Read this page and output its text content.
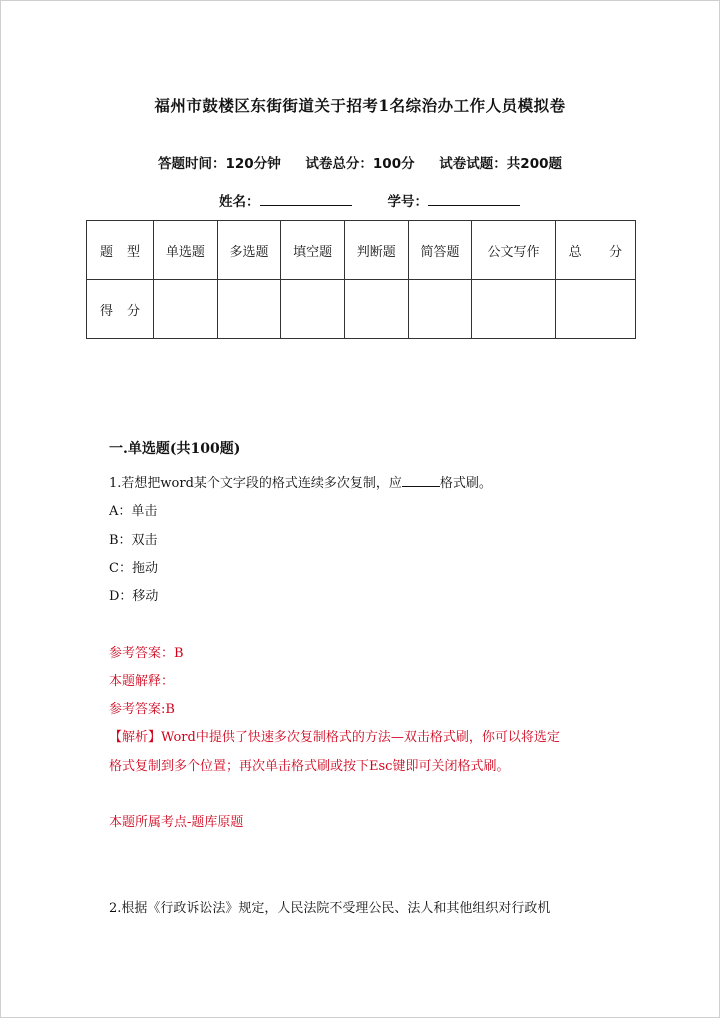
福州市鼓楼区东街街道关于招考1名综治办工作人员模拟卷
答题时间：120分钟 试卷总分：100分 试卷试题：共200题
姓名：	学号：
题 型	单选题	多选题	填空题	判断题	简答题	公文写作	总 分

得 分							

一.单选题(共100题)
1.若想把word某个文字段的格式连续多次复制，应	格式刷。
A：单击
B：双击
C：拖动
D：移动
参考答案：B
本题解释：
参考答案:B
【解析】Word中提供了快速多次复制格式的方法—双击格式刷，你可以将选定
格式复制到多个位置；再次单击格式刷或按下Esc键即可关闭格式刷。
本题所属考点-题库原题
2.根据《行政诉讼法》规定，人民法院不受理公民、法人和其他组织对行政机
